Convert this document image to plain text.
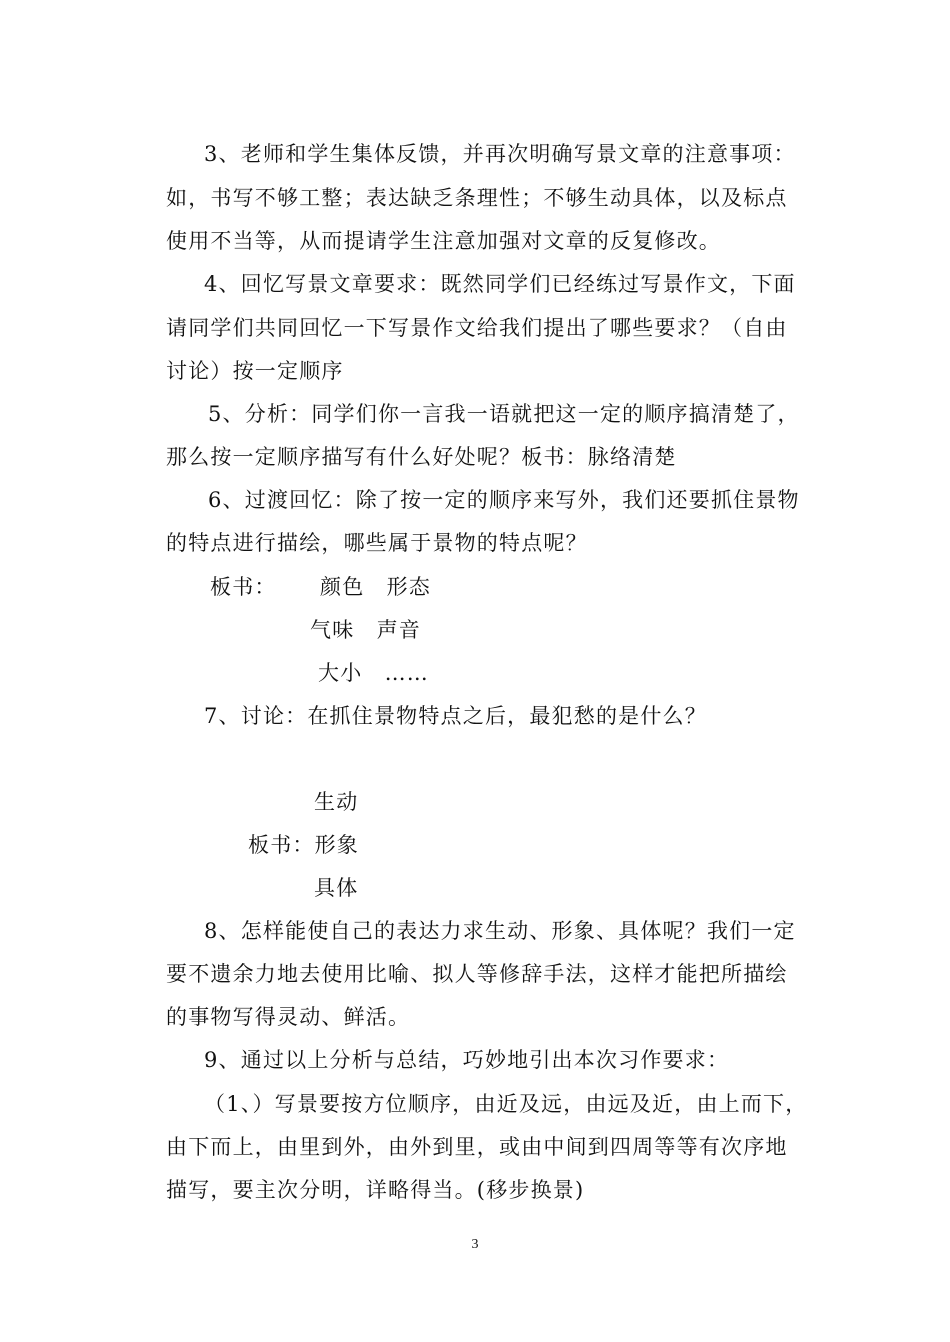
3、老师和学生集体反馈，并再次明确写景文章的注意事项：
如，书写不够工整；表达缺乏条理性；不够生动具体，以及标点
使用不当等，从而提请学生注意加强对文章的反复修改。
4、回忆写景文章要求：既然同学们已经练过写景作文，下面
请同学们共同回忆一下写景作文给我们提出了哪些要求？（自由
讨论）按一定顺序
5、分析：同学们你一言我一语就把这一定的顺序搞清楚了，
那么按一定顺序描写有什么好处呢？板书：脉络清楚
6、过渡回忆：除了按一定的顺序来写外，我们还要抓住景物
的特点进行描绘，哪些属于景物的特点呢？
板书： 颜色　形态
气味　声音
大小　……
7、讨论：在抓住景物特点之后，最犯愁的是什么？
生动
板书：形象
具体
8、怎样能使自己的表达力求生动、形象、具体呢？我们一定
要不遗余力地去使用比喻、拟人等修辞手法，这样才能把所描绘
的事物写得灵动、鲜活。
9、通过以上分析与总结，巧妙地引出本次习作要求：
（1、）写景要按方位顺序，由近及远，由远及近，由上而下，
由下而上，由里到外，由外到里，或由中间到四周等等有次序地
描写，要主次分明，详略得当。(移步换景)
3
